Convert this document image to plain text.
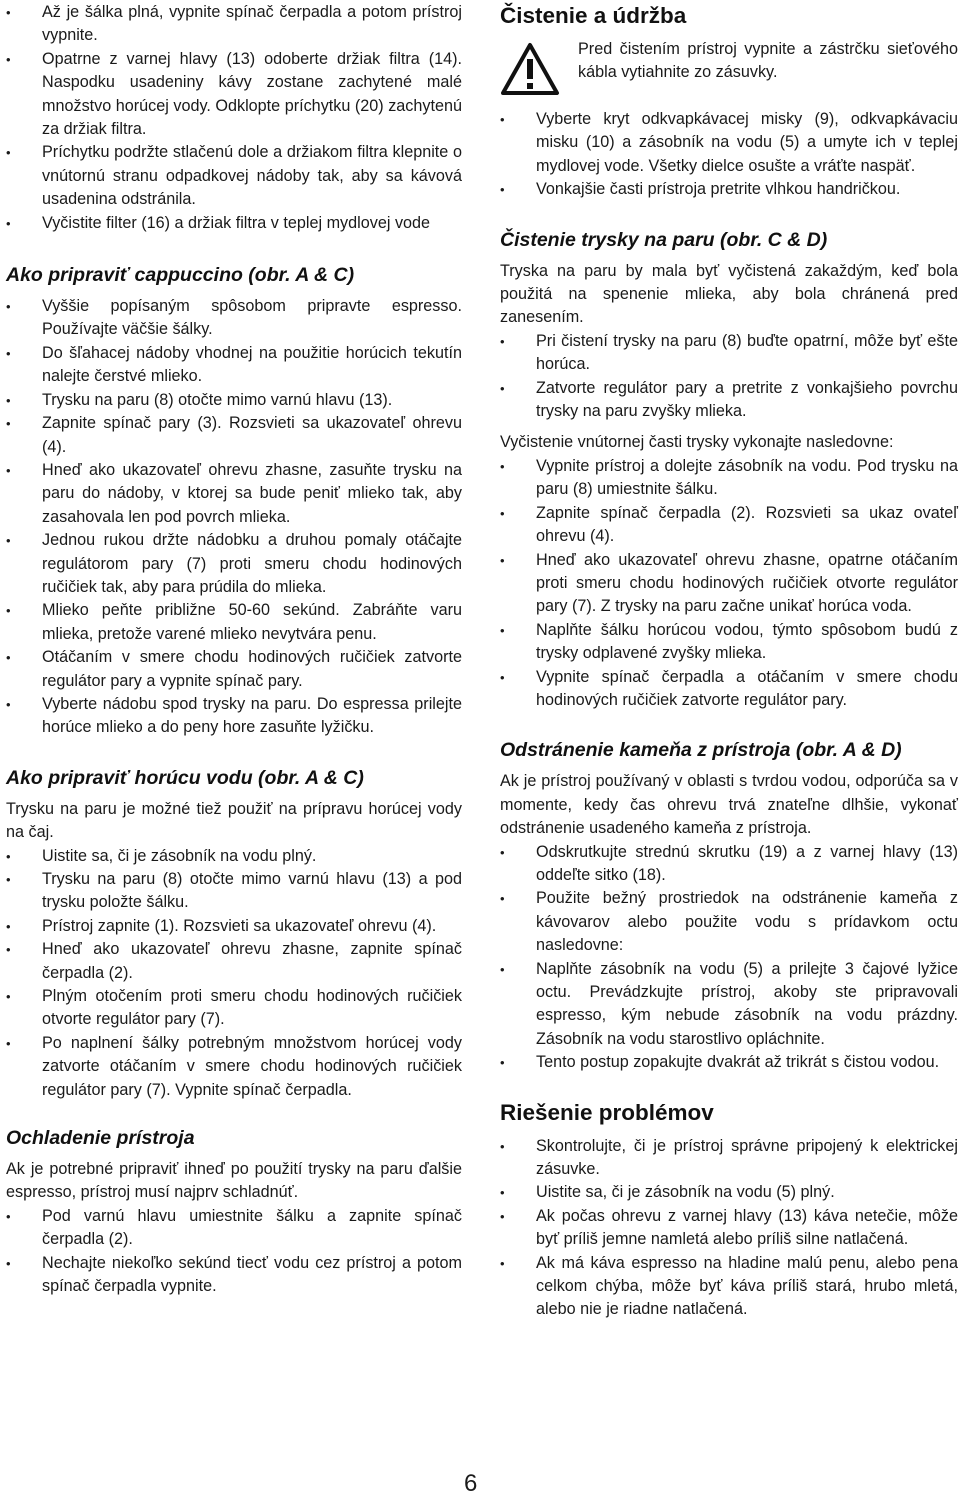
• Až je šálka plná, vypnite spínač čerpadla a potom prístroj vypnite.
• Opatrne z varnej hlavy (13) odoberte držiak filtra (14). Naspodku usadeniny kávy zostane zachytené malé množstvo horúcej vody. Odklopte príchytku (20) zachytenú za držiak filtra.
• Príchytku podržte stlačenú dole a držiakom filtra klepnite o vnútornú stranu odpadkovej nádoby tak, aby sa kávová usadenina odstránila.
• Vyčistite filter (16) a držiak filtra v teplej mydlovej vode
Ako pripraviť cappuccino (obr. A & C)
• Vyššie popísaným spôsobom pripravte espresso. Používajte väčšie šálky.
• Do šľahacej nádoby vhodnej na použitie horúcich tekutín nalejte čerstvé mlieko.
• Trysku na paru (8) otočte mimo varnú hlavu (13).
• Zapnite spínač pary (3). Rozsvieti sa ukazovateľ ohrevu (4).
• Hneď ako ukazovateľ ohrevu zhasne, zasuňte trysku na paru do nádoby, v ktorej sa bude peniť mlieko tak, aby zasahovala len pod povrch mlieka.
• Jednou rukou držte nádobku a druhou pomaly otáčajte regulátorom pary (7) proti smeru chodu hodinových ručičiek tak, aby para prúdila do mlieka.
• Mlieko peňte približne 50-60 sekúnd. Zabráňte varu mlieka, pretože varené mlieko nevytvára penu.
• Otáčaním v smere chodu hodinových ručičiek zatvorte regulátor pary a vypnite spínač pary.
• Vyberte nádobu spod trysky na paru. Do espressa prilejte horúce mlieko a do peny hore zasuňte lyžičku.
Ako pripraviť horúcu vodu (obr. A & C)

Trysku na paru je možné tiež použiť na prípravu horúcej vody na čaj.

• Uistite sa, či je zásobník na vodu plný.
• Trysku na paru (8) otočte mimo varnú hlavu (13) a pod trysku položte šálku.
• Prístroj zapnite (1). Rozsvieti sa ukazovateľ ohrevu (4).
• Hneď ako ukazovateľ ohrevu zhasne, zapnite spínač čerpadla (2).
• Plným otočením proti smeru chodu hodinových ručičiek otvorte regulátor pary (7).
• Po naplnení šálky potrebným množstvom horúcej vody zatvorte otáčaním v smere chodu hodinových ručičiek regulátor pary (7). Vypnite spínač čerpadla.
Ochladenie prístroja

Ak je potrebné pripraviť ihneď po použití trysky na paru ďalšie espresso, prístroj musí najprv schladnúť.

• Pod varnú hlavu umiestnite šálku a zapnite spínač čerpadla (2).
• Nechajte niekoľko sekúnd tiecť vodu cez prístroj a potom spínač čerpadla vypnite.
Čistenie a údržba

Pred čistením prístroj vypnite a zástrčku sieťového kábla vytiahnite zo zásuvky.

• Vyberte kryt odkvapkávacej misky (9), odkvapkávaciu misku (10) a zásobník na vodu (5) a umyte ich v teplej mydlovej vode. Všetky dielce osušte a vráťte naspäť.
• Vonkajšie časti prístroja pretrite vlhkou handričkou.
Čistenie trysky na paru (obr. C & D)

Tryska na paru by mala byť vyčistená zakaždým, keď bola použitá na spenenie mlieka, aby bola chránená pred zanesením.

• Pri čistení trysky na paru (8) buďte opatrní, môže byť ešte horúca.
• Zatvorte regulátor pary a pretrite z vonkajšieho povrchu trysky na paru zvyšky mlieka.

Vyčistenie vnútornej časti trysky vykonajte nasledovne:

• Vypnite prístroj a dolejte zásobník na vodu. Pod trysku na paru (8) umiestnite šálku.
• Zapnite spínač čerpadla (2). Rozsvieti sa ukaz ovateľ ohrevu (4).
• Hneď ako ukazovateľ ohrevu zhasne, opatrne otáčaním proti smeru chodu hodinových ručičiek otvorte regulátor pary (7). Z trysky na paru začne unikať horúca voda.
• Naplňte šálku horúcou vodou, týmto spôsobom budú z trysky odplavené zvyšky mlieka.
• Vypnite spínač čerpadla a otáčaním v smere chodu hodinových ručičiek zatvorte regulátor pary.
Odstránenie kameňa z prístroja (obr. A & D)

Ak je prístroj používaný v oblasti s tvrdou vodou, odporúča sa v momente, kedy čas ohrevu trvá znateľne dlhšie, vykonať odstránenie usadeného kameňa z prístroja.

• Odskrutkujte strednú skrutku (19) a z varnej hlavy (13) oddeľte sitko (18).
• Použite bežný prostriedok na odstránenie kameňa z kávovarov alebo použite vodu s prídavkom octu nasledovne:
• Naplňte zásobník na vodu (5) a prilejte 3 čajové lyžice octu. Prevádzkujte prístroj, akoby ste pripravovali espresso, kým nebude zásobník na vodu prázdny. Zásobník na vodu starostlivo opláchnite.
• Tento postup zopakujte dvakrát až trikrát s čistou vodou.
Riešenie problémov
• Skontrolujte, či je prístroj správne pripojený k elektrickej zásuvke.
• Uistite sa, či je zásobník na vodu (5) plný.
• Ak počas ohrevu z varnej hlavy (13) káva netečie, môže byť príliš jemne namletá alebo príliš silne natlačená.
• Ak má káva espresso na hladine malú penu, alebo pena celkom chýba, môže byť káva príliš stará, hrubo mletá, alebo nie je riadne natlačená.
6
